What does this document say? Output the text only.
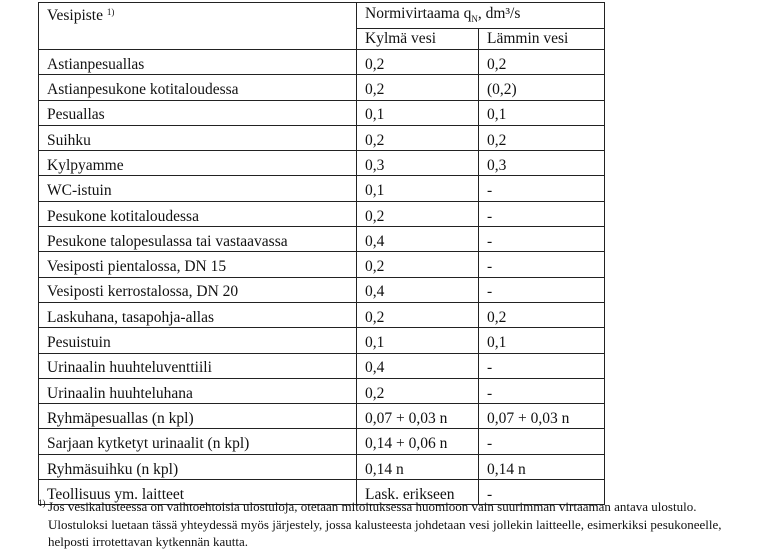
Vesipiste $^{1)}$	Normivirtaama $q_N$, dm³/s	
	Kylmä vesi	Lämmin vesi
Astianpesuallas	0,2	0,2
Astianpesukone kotitaloudessa	0,2	(0,2)
Pesuallas	0,1	0,1
Suihku	0,2	0,2
Kylpyamme	0,3	0,3
WC-istuin	0,1	-
Pesukone kotitaloudessa	0,2	-
Pesukone talopesulassa tai vastaavassa	0,4	-
Vesiposti pientalossa, DN 15	0,2	-
Vesiposti kerrostalossa, DN 20	0,4	-
Laskuhana, tasapohja-allas	0,2	0,2
Pesuistuin	0,1	0,1
Urinaalin huuhteluventtiili	0,4	-
Urinaalin huuhteluhana	0,2	-
Ryhmäpesuallas (n kpl)	0,07 + 0,03 n	0,07 + 0,03 n
Sarjaan kytketyt urinaalit (n kpl)	0,14 + 0,06 n	-
Ryhmäsuihku (n kpl)	0,14 n	0,14 n
Teollisuus ym. laitteet	Lask. erikseen	-
1) Jos vesikalusteessa on vaihtoehtoisia ulostuloja, otetaan mitoituksessa huomioon vain suurimman virtaaman antava ulostulo. Ulostuloksi luetaan tässä yhteydessä myös järjestely, jossa kalusteesta johdetaan vesi jollekin laitteelle, esimerkiksi pesukoneelle, helposti irrotettavan kytkennän kautta.
